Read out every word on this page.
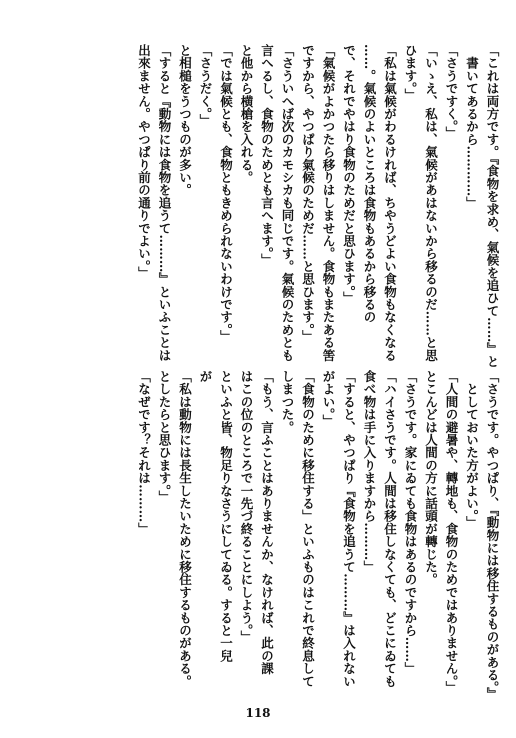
「これは両方です。『食物を求め、氣候を追ひて……』と
　書いてあるから…………」
「さうですく。」
「いゝえ、私は、氣候があはないから移るのだ……と思
ひます。」
「私は氣候がわるければ、ちやうどよい食物もなくなる
……。氣候のよいところは食物もあるから移るの
で、それでやはり食物のためだと思ひます。」
「氣候がよかつたら移りはしません。食物もまたある筈
ですから、やつぱり氣候のためだ……と思ひます。」
「さういへば次のカモシカも同じです。氣候のためとも
言へるし、食物のためとも言へます。」
と他から横槍を入れる。
「では氣候とも、食物ともきめられないわけです。」
「さうだく。」
と相槌をうつものが多い。
「すると『動物には食物を追うて………』といふことは
出來ません。やつぱり前の通りでよい。」
「さうです。やつぱり、『動物には移住するものがある。』
　としておいた方がよい。」
「人間の避暑や、轉地も、食物のためではありません。」
とこんどは人間の方に話頭が轉じた。
「さうです。家にゐても食物はあるのですから……」
「ハイさうです。人間は移住しなくても、どこにゐても
食べ物は手に入りますから………」
「すると、やつぱり『食物を追うて………』は入れない
がよい。」
「食物のために移住する」といふものはこれで終息して
しまつた。
「もう、言ふことはありませんか、なければ、此の課
はこの位のところで一先づ終ることにしよう。」
といふと皆、物足りなさうにしてゐる。すると一兒
が
「私は動物には長生したいために移住するものがある。
としたらと思ひます。」
「なぜです？それは………」
118
